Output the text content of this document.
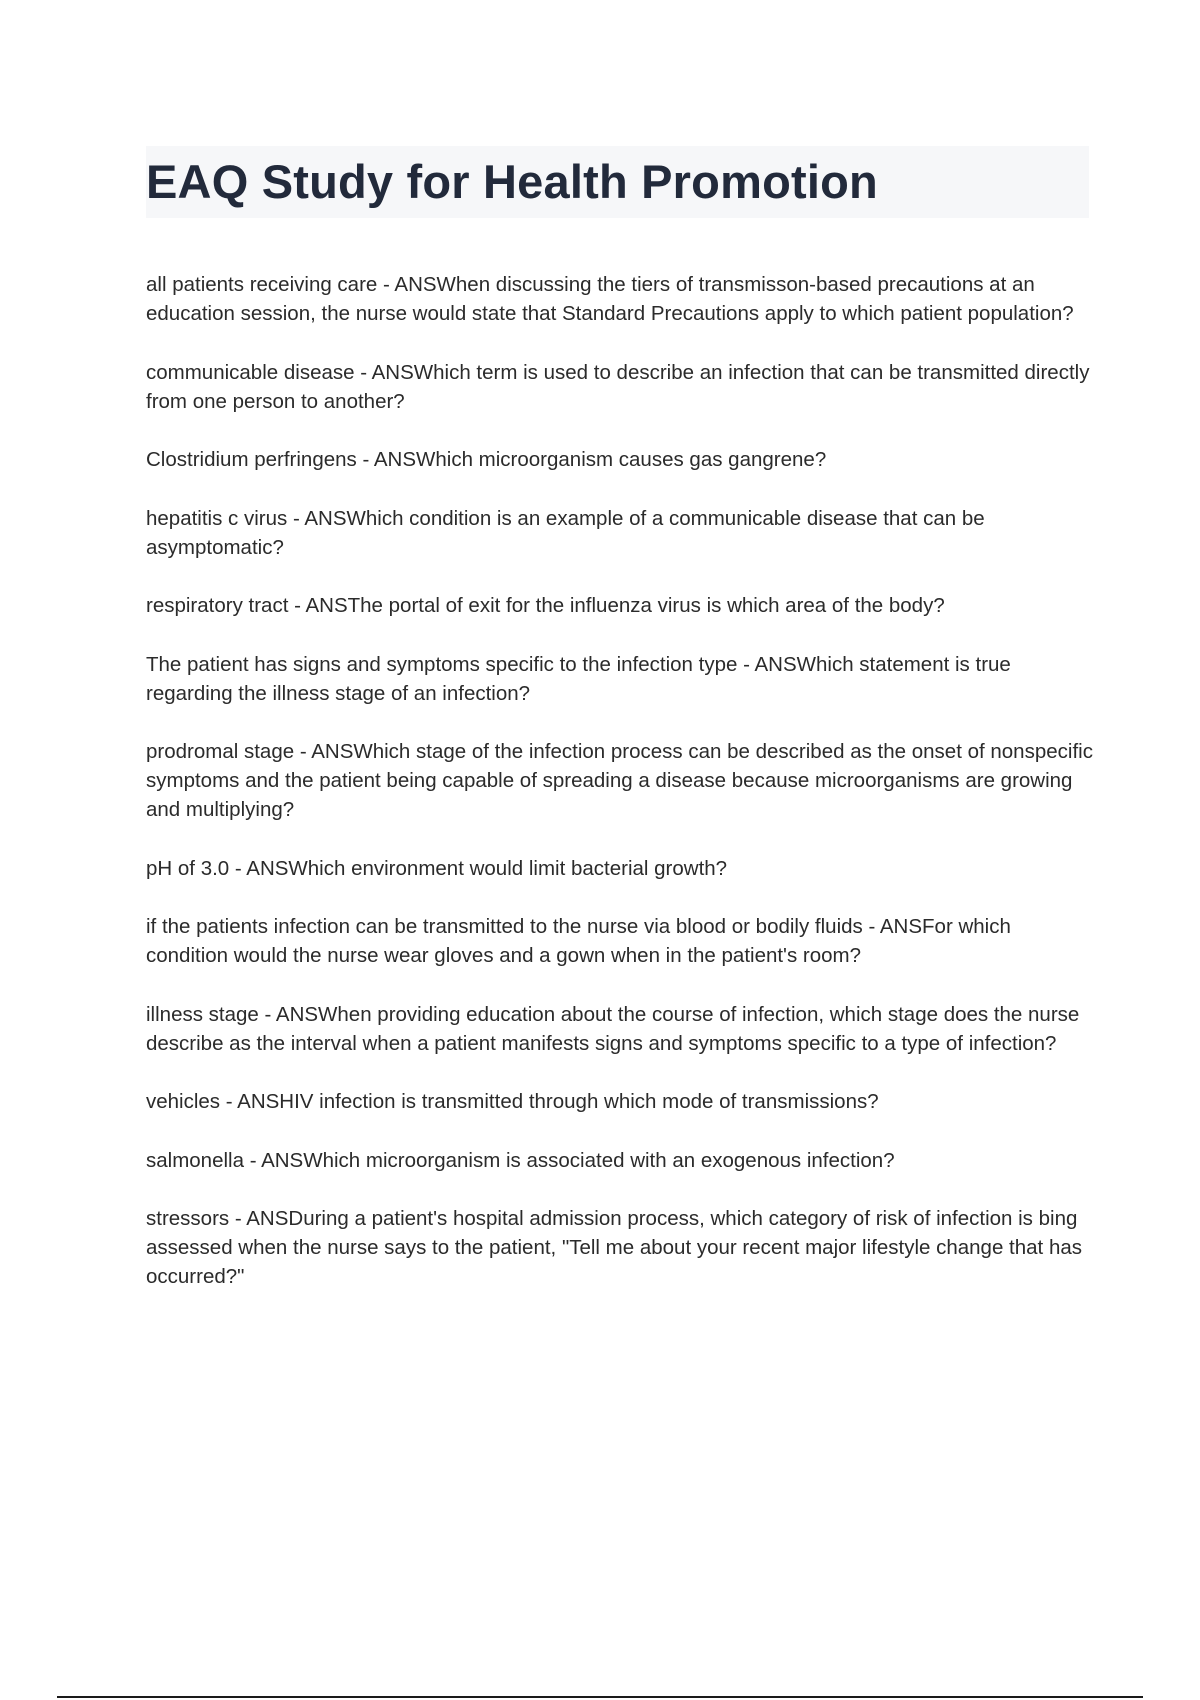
EAQ Study for Health Promotion
all patients receiving care - ANSWhen discussing the tiers of transmisson-based precautions at an education session, the nurse would state that Standard Precautions apply to which patient population?
communicable disease - ANSWhich term is used to describe an infection that can be transmitted directly from one person to another?
Clostridium perfringens - ANSWhich microorganism causes gas gangrene?
hepatitis c virus - ANSWhich condition is an example of a communicable disease that can be asymptomatic?
respiratory tract - ANSThe portal of exit for the influenza virus is which area of the body?
The patient has signs and symptoms specific to the infection type - ANSWhich statement is true regarding the illness stage of an infection?
prodromal stage - ANSWhich stage of the infection process can be described as the onset of nonspecific symptoms and the patient being capable of spreading a disease because microorganisms are growing and multiplying?
pH of 3.0 - ANSWhich environment would limit bacterial growth?
if the patients infection can be transmitted to the nurse via blood or bodily fluids - ANSFor which condition would the nurse wear gloves and a gown when in the patient's room?
illness stage - ANSWhen providing education about the course of infection, which stage does the nurse describe as the interval when a patient manifests signs and symptoms specific to a type of infection?
vehicles - ANSHIV infection is transmitted through which mode of transmissions?
salmonella - ANSWhich microorganism is associated with an exogenous infection?
stressors - ANSDuring a patient's hospital admission process, which category of risk of infection is bing assessed when the nurse says to the patient, "Tell me about your recent major lifestyle change that has occurred?"
